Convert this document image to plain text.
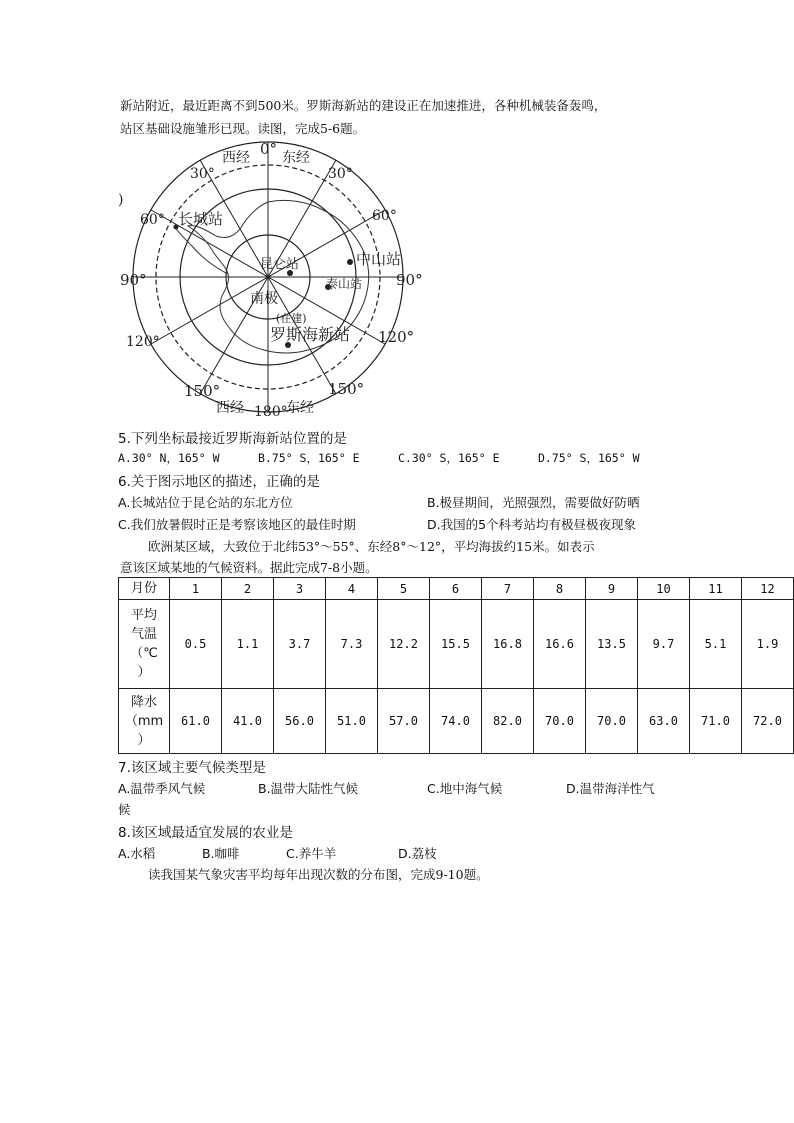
新站附近，最近距离不到500米。罗斯海新站的建设正在加速推进，各种机械装备轰鸣，
站区基础设施雏形已现。读图，完成5-6题。
0°
西经 东经
30°	30°
60°	60°
90°	90°
120°	120°
150°	150°
西经	东经
180°
)
长城站
昆仑站	中山站
泰山站
南极
(在建)
罗斯海新站
5.下列坐标最接近罗斯海新站位置的是
A.30° N，165° W	B.75° S，165° E	C.30° S，165° E	D.75° S，165° W
6.关于图示地区的描述，正确的是
A.长城站位于昆仑站的东北方位	B.极昼期间，光照强烈，需要做好防晒
C.我们放暑假时正是考察该地区的最佳时期	D.我国的5个科考站均有极昼极夜现象
欧洲某区域，大致位于北纬53°～55°、东经8°～12°，平均海拔约15米。如表示
意该区域某地的气候资料。据此完成7-8小题。
月份	1	2	3	4	5	6	7	8	9	10	11	12

平均
气温
（℃
）	0.5	1.1	3.7	7.3	12.2	15.5	16.8	16.6	13.5	9.7	5.1	1.9

降水
（mm
）	61.0	41.0	56.0	51.0	57.0	74.0	82.0	70.0	70.0	63.0	71.0	72.0
7.该区域主要气候类型是
A.温带季风气候	B.温带大陆性气候	C.地中海气候	D.温带海洋性气
候
8.该区域最适宜发展的农业是
A.水稻	B.咖啡	C.养牛羊	D.荔枝
读我国某气象灾害平均每年出现次数的分布图，完成9-10题。
